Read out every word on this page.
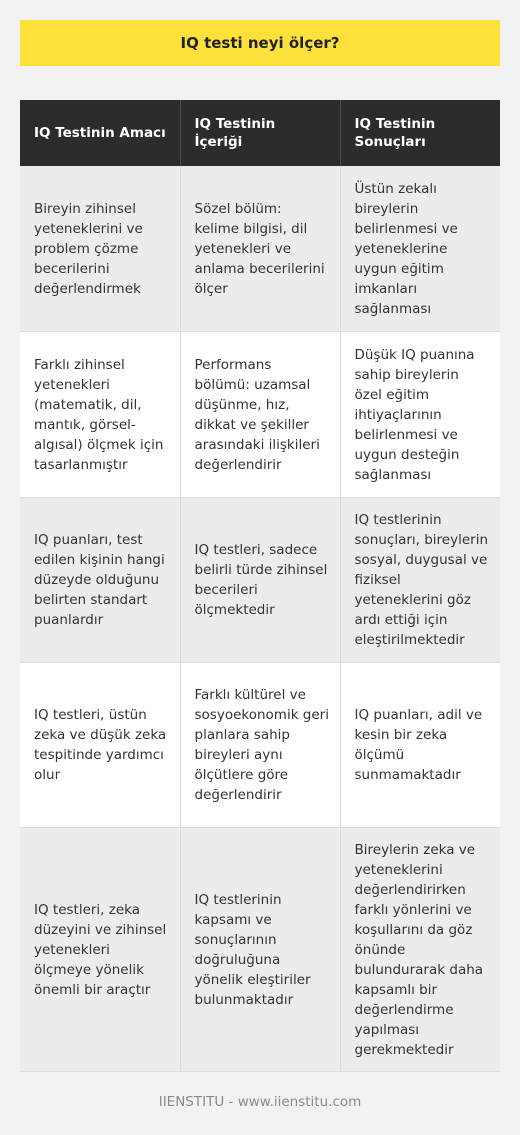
IQ testi neyi ölçer?
IQ Testinin Amacı	IQ Testinin İçeriği	IQ Testinin Sonuçları
Bireyin zihinsel yeteneklerini ve problem çözme becerilerini değerlendirmek	Sözel bölüm: kelime bilgisi, dil yetenekleri ve anlama becerilerini ölçer	Üstün zekalı bireylerin belirlenmesi ve yeteneklerine uygun eğitim imkanları sağlanması
Farklı zihinsel yetenekleri (matematik, dil, mantık, görsel-algısal) ölçmek için tasarlanmıştır	Performans bölümü: uzamsal düşünme, hız, dikkat ve şekiller arasındaki ilişkileri değerlendirir	Düşük IQ puanına sahip bireylerin özel eğitim ihtiyaçlarının belirlenmesi ve uygun desteğin sağlanması
IQ puanları, test edilen kişinin hangi düzeyde olduğunu belirten standart puanlardır	IQ testleri, sadece belirli türde zihinsel becerileri ölçmektedir	IQ testlerinin sonuçları, bireylerin sosyal, duygusal ve fiziksel yeteneklerini göz ardı ettiği için eleştirilmektedir
IQ testleri, üstün zeka ve düşük zeka tespitinde yardımcı olur	Farklı kültürel ve sosyoekonomik geri planlara sahip bireyleri aynı ölçütlere göre değerlendirir	IQ puanları, adil ve kesin bir zeka ölçümü sunmamaktadır
IQ testleri, zeka düzeyini ve zihinsel yetenekleri ölçmeye yönelik önemli bir araçtır	IQ testlerinin kapsamı ve sonuçlarının doğruluğuna yönelik eleştiriler bulunmaktadır	Bireylerin zeka ve yeteneklerini değerlendirirken farklı yönlerini ve koşullarını da göz önünde bulundurarak daha kapsamlı bir değerlendirme yapılması gerekmektedir
IIENSTITU - www.iienstitu.com
